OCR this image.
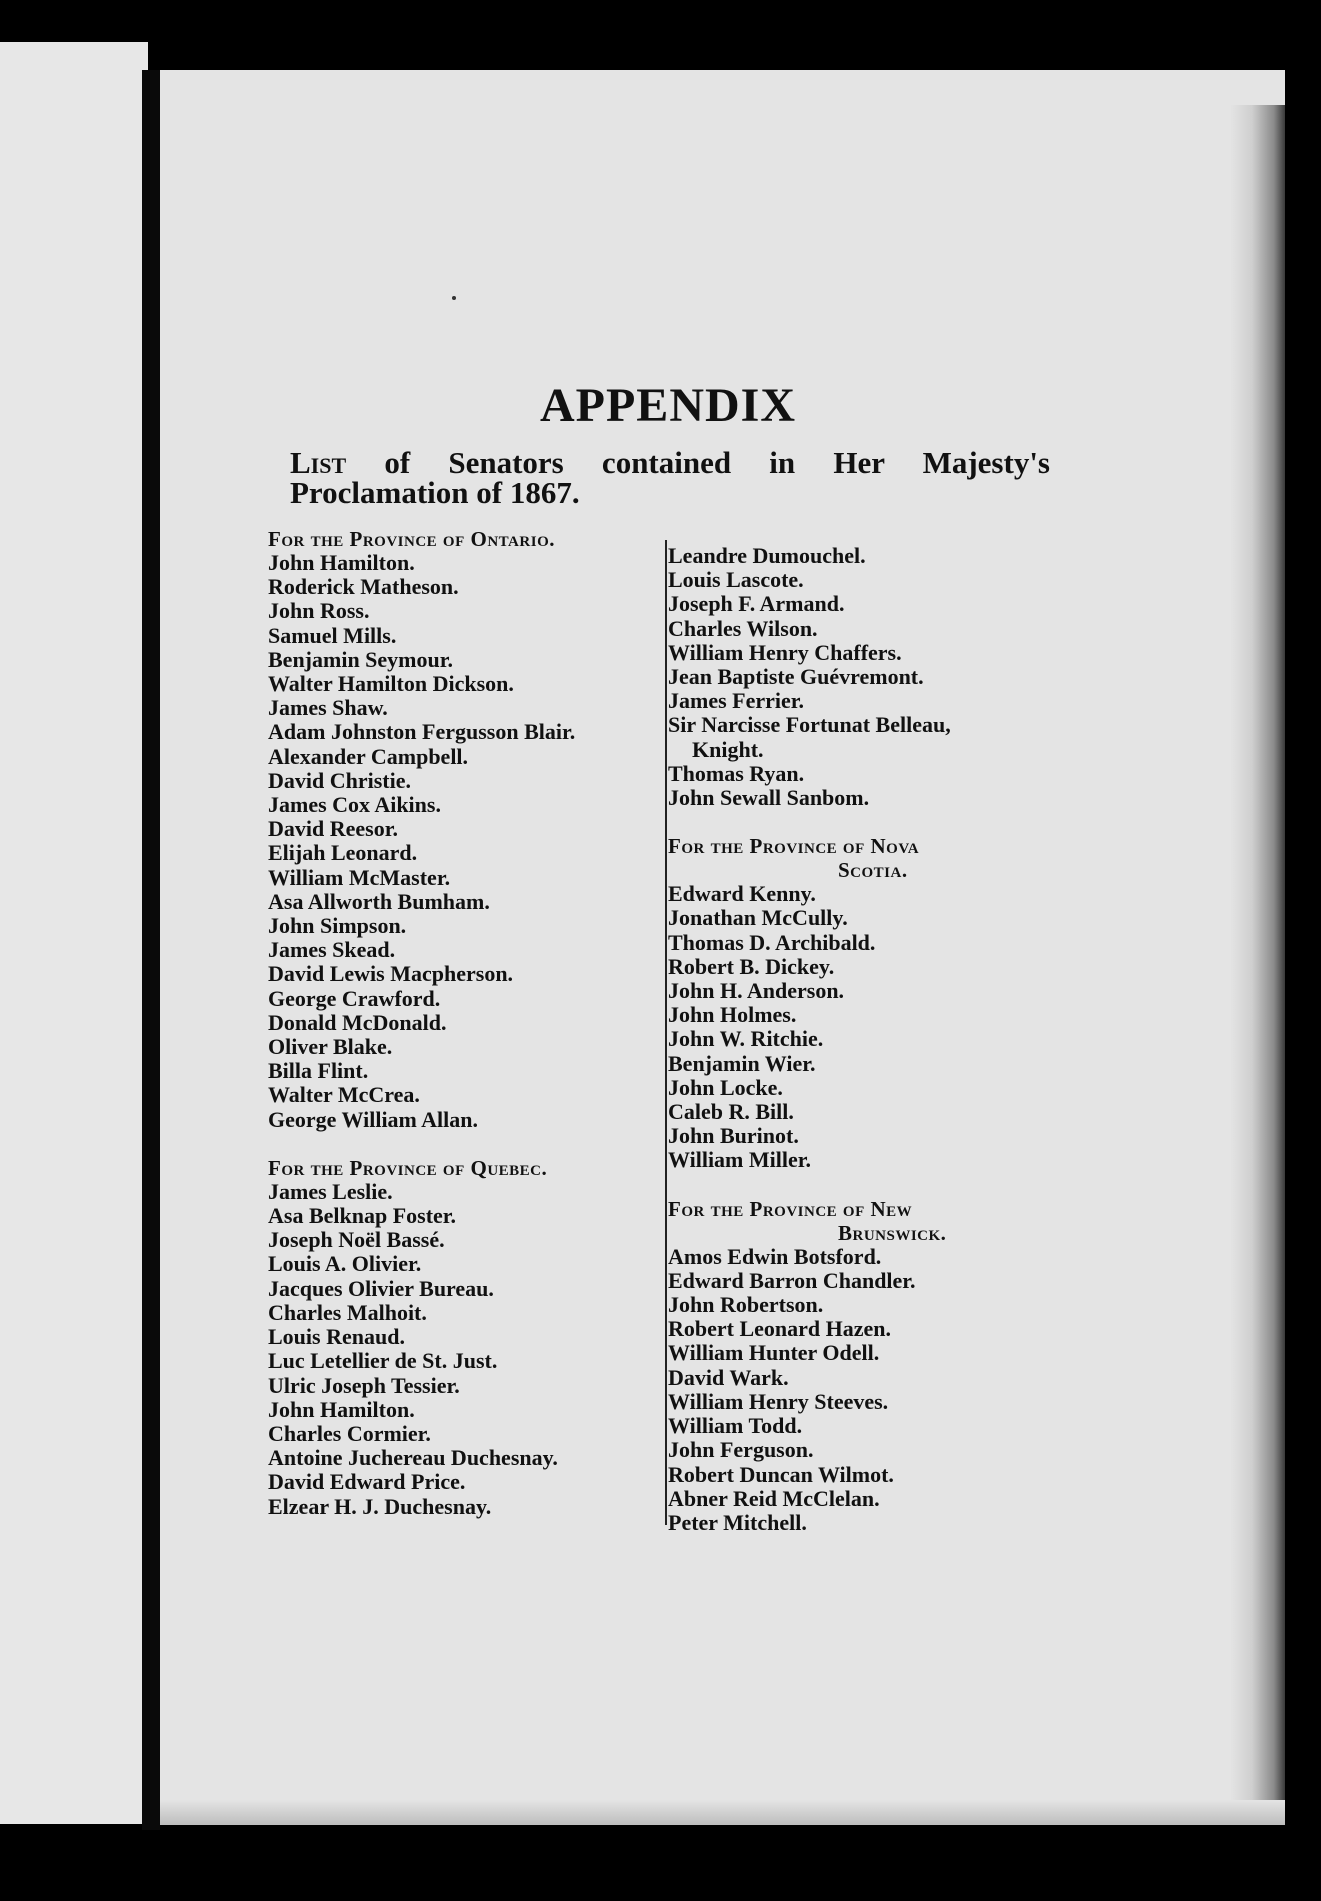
APPENDIX

List of Senators contained in Her Majesty's Proclamation of 1867.

For the Province of Ontario.

John Hamilton.
Roderick Matheson.
John Ross.
Samuel Mills.
Benjamin Seymour.
Walter Hamilton Dickson.
James Shaw.
Adam Johnston Fergusson Blair.
Alexander Campbell.
David Christie.
James Cox Aikins.
David Reesor.
Elijah Leonard.
William McMaster.
Asa Allworth Bumham.
John Simpson.
James Skead.
David Lewis Macpherson.
George Crawford.
Donald McDonald.
Oliver Blake.
Billa Flint.
Walter McCrea.
George William Allan.

For the Province of Quebec.

James Leslie.
Asa Belknap Foster.
Joseph Noël Bassé.
Louis A. Olivier.
Jacques Olivier Bureau.
Charles Malhoit.
Louis Renaud.
Luc Letellier de St. Just.
Ulric Joseph Tessier.
John Hamilton.
Charles Cormier.
Antoine Juchereau Duchesnay.
David Edward Price.
Elzear H. J. Duchesnay.
Leandre Dumouchel.
Louis Lascote.
Joseph F. Armand.
Charles Wilson.
William Henry Chaffers.
Jean Baptiste Guévremont.
James Ferrier.
Sir Narcisse Fortunat Belleau,
Knight.
Thomas Ryan.
John Sewall Sanbom.

For the Province of Nova
Scotia.

Edward Kenny.
Jonathan McCully.
Thomas D. Archibald.
Robert B. Dickey.
John H. Anderson.
John Holmes.
John W. Ritchie.
Benjamin Wier.
John Locke.
Caleb R. Bill.
John Burinot.
William Miller.

For the Province of New
Brunswick.

Amos Edwin Botsford.
Edward Barron Chandler.
John Robertson.
Robert Leonard Hazen.
William Hunter Odell.
David Wark.
William Henry Steeves.
William Todd.
John Ferguson.
Robert Duncan Wilmot.
Abner Reid McClelan.
Peter Mitchell.
